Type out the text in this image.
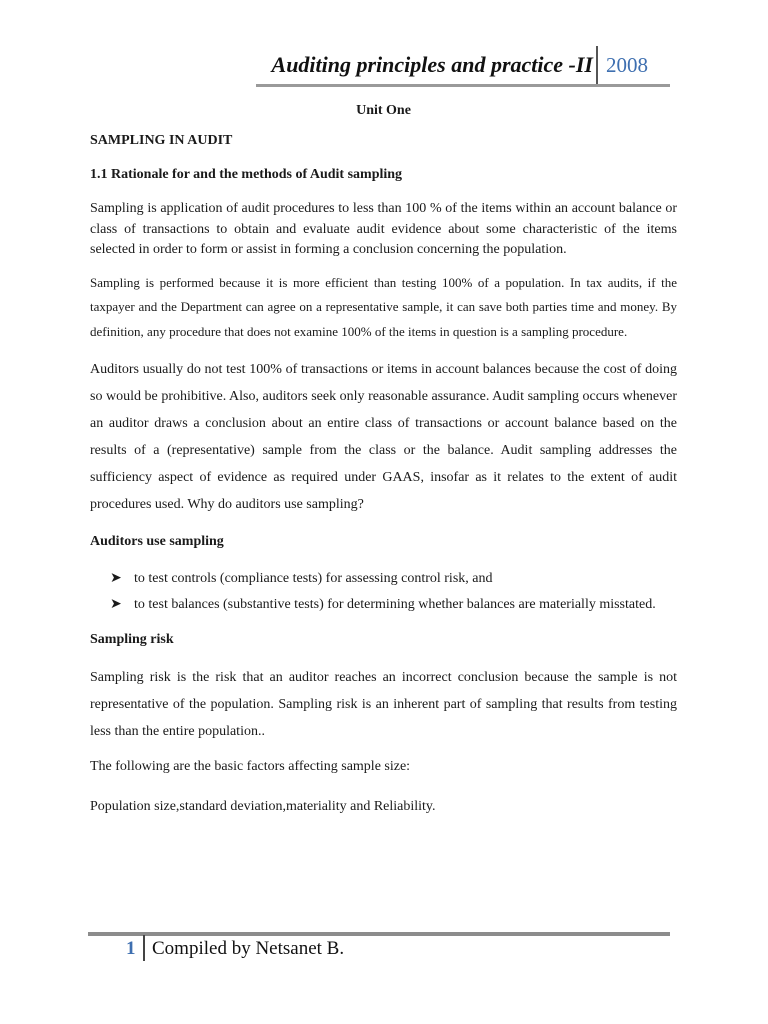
Auditing principles and practice -II 2008
Unit One
SAMPLING IN AUDIT
1.1 Rationale for and the methods of Audit sampling

Sampling is application of audit procedures to less than 100 % of the items within an account balance or class of transactions to obtain and evaluate audit evidence about some characteristic of the items selected in order to form or assist in forming a conclusion concerning the population.

Sampling is performed because it is more efficient than testing 100% of a population. In tax audits, if the taxpayer and the Department can agree on a representative sample, it can save both parties time and money. By definition, any procedure that does not examine 100% of the items in question is a sampling procedure.

Auditors usually do not test 100% of transactions or items in account balances because the cost of doing so would be prohibitive. Also, auditors seek only reasonable assurance. Audit sampling occurs whenever an auditor draws a conclusion about an entire class of transactions or account balance based on the results of a (representative) sample from the class or the balance. Audit sampling addresses the sufficiency aspect of evidence as required under GAAS, insofar as it relates to the extent of audit procedures used. Why do auditors use sampling?

Auditors use sampling
➤ to test controls (compliance tests) for assessing control risk, and
➤ to test balances (substantive tests) for determining whether balances are materially misstated.
Sampling risk

Sampling risk is the risk that an auditor reaches an incorrect conclusion because the sample is not representative of the population. Sampling risk is an inherent part of sampling that results from testing less than the entire population..

The following are the basic factors affecting sample size:

Population size,standard deviation,materiality and Reliability.

1 Compiled by Netsanet B.
